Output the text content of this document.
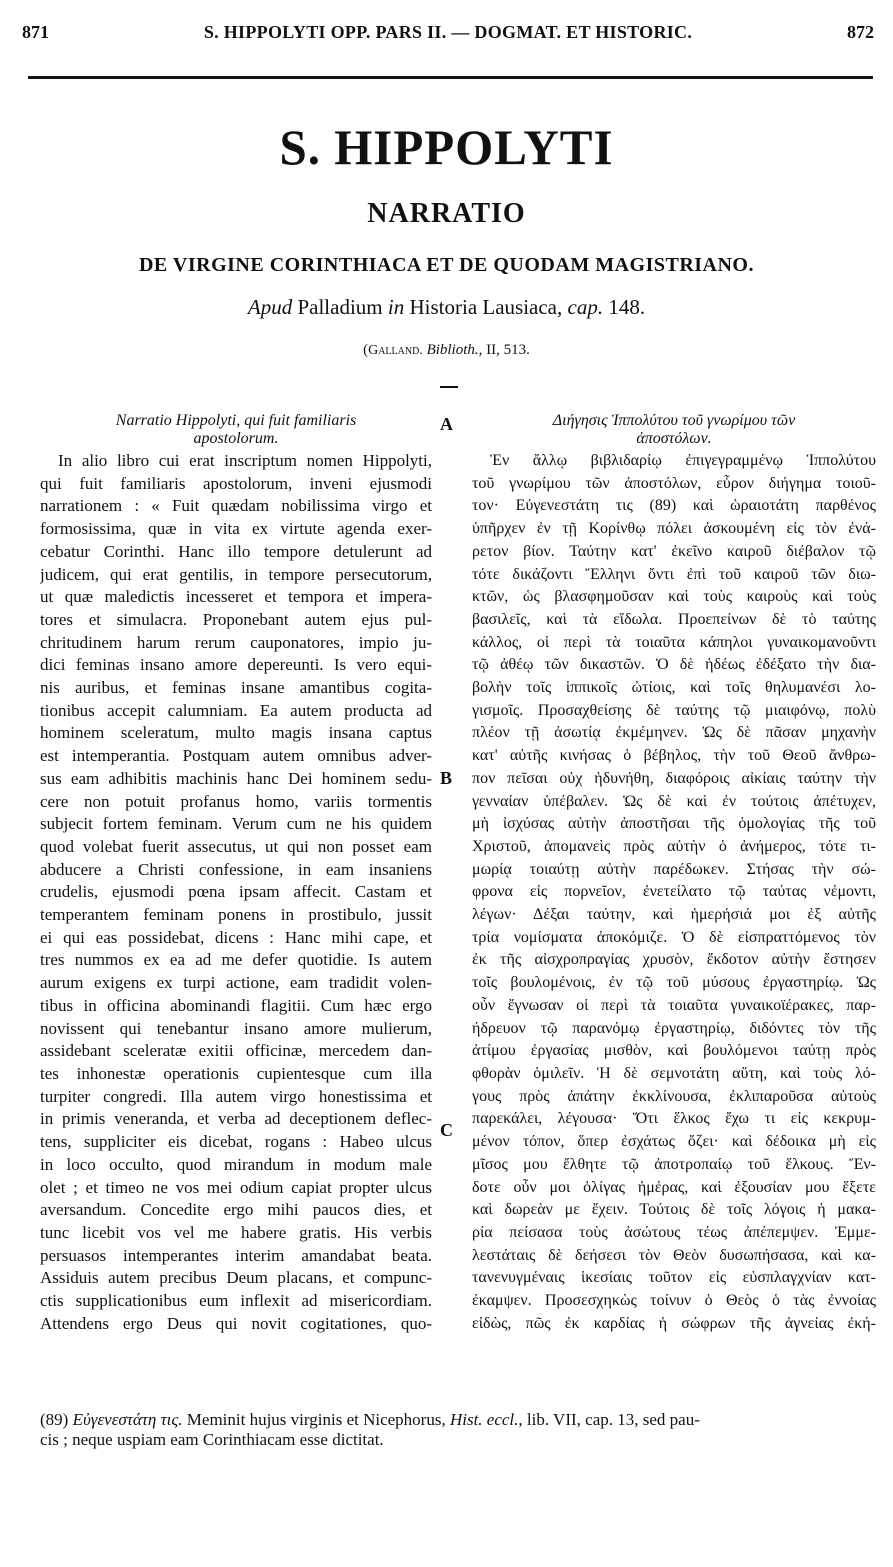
871	S. HIPPOLYTI OPP. PARS II. — DOGMAT. ET HISTORIC.	872
S. HIPPOLYTI
NARRATIO
DE VIRGINE CORINTHIACA ET DE QUODAM MAGISTRIANO.
Apud Palladium in Historia Lausiaca, cap. 148.
(Galland. Biblioth., II, 513.
Narratio Hippolyti, qui fuit familiaris
apostolorum.
In alio libro cui erat inscriptum nomen Hippolyti,
qui fuit familiaris apostolorum, inveni ejusmodi
narrationem : « Fuit quædam nobilissima virgo et
formosissima, quæ in vita ex virtute agenda exer-
cebatur Corinthi. Hanc illo tempore detulerunt ad
judicem, qui erat gentilis, in tempore persecutorum,
ut quæ maledictis incesseret et tempora et impera-
tores et simulacra. Proponebant autem ejus pul-
chritudinem harum rerum cauponatores, impio ju-
dici feminas insano amore depereunti. Is vero equi-
nis auribus, et feminas insane amantibus cogita-
tionibus accepit calumniam. Ea autem producta ad
hominem sceleratum, multo magis insana captus
est intemperantia. Postquam autem omnibus adver-
sus eam adhibitis machinis hanc Dei hominem sedu-
cere non potuit profanus homo, variis tormentis
subjecit fortem feminam. Verum cum ne his quidem
quod volebat fuerit assecutus, ut qui non posset eam
abducere a Christi confessione, in eam insaniens
crudelis, ejusmodi pœna ipsam affecit. Castam et
temperantem feminam ponens in prostibulo, jussit
ei qui eas possidebat, dicens : Hanc mihi cape, et
tres nummos ex ea ad me defer quotidie. Is autem
aurum exigens ex turpi actione, eam tradidit volen-
tibus in officina abominandi flagitii. Cum hæc ergo
novissent qui tenebantur insano amore mulierum,
assidebant sceleratæ exitii officinæ, mercedem dan-
tes inhonestæ operationis cupientesque cum illa
turpiter congredi. Illa autem virgo honestissima et
in primis veneranda, et verba ad deceptionem deflec-
tens, suppliciter eis dicebat, rogans : Habeo ulcus
in loco occulto, quod mirandum in modum male
olet ; et timeo ne vos mei odium capiat propter ulcus
aversandum. Concedite ergo mihi paucos dies, et
tunc licebit vos vel me habere gratis. His verbis
persuasos intemperantes interim amandabat beata.
Assiduis autem precibus Deum placans, et compunc-
ctis supplicationibus eum inflexit ad misericordiam.
Attendens ergo Deus qui novit cogitationes, quo-
A
B
C
Διήγησις Ἱππολύτου τοῦ γνωρίμου τῶν
ἀποστόλων.
Ἐν ἄλλῳ βιβλιδαρίῳ ἐπιγεγραμμένῳ Ἱππολύτου
τοῦ γνωρίμου τῶν ἀποστόλων, εὗρον διήγημα τοιοῦ-
τον· Εὐγενεστάτη τις (89) καὶ ὡραιοτάτη παρθένος
ὑπῆρχεν ἐν τῇ Κορίνθῳ πόλει ἀσκουμένη εἰς τὸν ἐνά-
ρετον βίον. Ταύτην κατ' ἐκεῖνο καιροῦ διέβαλον τῷ
τότε δικάζοντι Ἕλληνι ὄντι ἐπὶ τοῦ καιροῦ τῶν διω-
κτῶν, ὡς βλασφημοῦσαν καὶ τοὺς καιροὺς καὶ τοὺς
βασιλεῖς, καὶ τὰ εἴδωλα. Προεπείνων δὲ τὸ ταύτης
κάλλος, οἱ περὶ τὰ τοιαῦτα κάπηλοι γυναικομανοῦντι
τῷ ἀθέῳ τῶν δικαστῶν. Ὁ δὲ ἡδέως ἐδέξατο τὴν δια-
βολὴν τοῖς ἱππικοῖς ὠτίοις, καὶ τοῖς θηλυμανέσι λο-
γισμοῖς. Προσαχθείσης δὲ ταύτης τῷ μιαιφόνῳ, πολὺ
πλέον τῇ ἀσωτίᾳ ἐκμέμηνεν. Ὡς δὲ πᾶσαν μηχανὴν
κατ' αὐτῆς κινήσας ὁ βέβηλος, τὴν τοῦ Θεοῦ ἄνθρω-
πον πεῖσαι οὐχ ἠδυνήθη, διαφόροις αἰκίαις ταύτην τὴν
γενναίαν ὑπέβαλεν. Ὡς δὲ καὶ ἐν τούτοις ἀπέτυχεν,
μὴ ἰσχύσας αὐτὴν ἀποστῆσαι τῆς ὁμολογίας τῆς τοῦ
Χριστοῦ, ἀπομανεὶς πρὸς αὐτὴν ὁ ἀνήμερος, τότε τι-
μωρίᾳ τοιαύτῃ αὐτὴν παρέδωκεν. Στήσας τὴν σώ-
φρονα εἰς πορνεῖον, ἐνετείλατο τῷ ταύτας νέμοντι,
λέγων· Δέξαι ταύτην, καὶ ἡμερήσιά μοι ἐξ αὐτῆς
τρία νομίσματα ἀποκόμιζε. Ὁ δὲ εἰσπραττόμενος τὸν
ἐκ τῆς αἰσχροπραγίας χρυσὸν, ἔκδοτον αὐτὴν ἔστησεν
τοῖς βουλομένοις, ἐν τῷ τοῦ μύσους ἐργαστηρίῳ. Ὡς
οὖν ἔγνωσαν οἱ περὶ τὰ τοιαῦτα γυναικοϊέρακες, παρ-
ήδρευον τῷ παρανόμῳ ἐργαστηρίῳ, διδόντες τὸν τῆς
ἀτίμου ἐργασίας μισθὸν, καὶ βουλόμενοι ταύτῃ πρὸς
φθορὰν ὁμιλεῖν. Ἡ δὲ σεμνοτάτη αὕτη, καὶ τοὺς λό-
γους πρὸς ἀπάτην ἐκκλίνουσα, ἐκλιπαροῦσα αὐτοὺς
παρεκάλει, λέγουσα· Ὅτι ἕλκος ἔχω τι εἰς κεκρυμ-
μένον τόπον, ὅπερ ἐσχάτως ὄζει· καὶ δέδοικα μὴ εἰς
μῖσος μου ἔλθητε τῷ ἀποτροπαίῳ τοῦ ἕλκους. Ἔν-
δοτε οὖν μοι ὀλίγας ἡμέρας, καὶ ἐξουσίαν μου ἕξετε
καὶ δωρεὰν με ἔχειν. Τούτοις δὲ τοῖς λόγοις ἡ μακα-
ρία πείσασα τοὺς ἀσώτους τέως ἀπέπεμψεν. Ἐμμε-
λεστάταις δὲ δεήσεσι τὸν Θεὸν δυσωπήσασα, καὶ κα-
τανενυγμέναις ἱκεσίαις τοῦτον εἰς εὐσπλαγχνίαν κατ-
έκαμψεν. Προσεσχηκὼς τοίνυν ὁ Θεὸς ὁ τὰς ἐννοίας
εἰδὼς, πῶς ἐκ καρδίας ἡ σώφρων τῆς ἁγνείας ἐκή-
(89) Εὐγενεστάτη τις. Meminit hujus virginis et Nicephorus, Hist. eccl., lib. VII, cap. 13, sed pau-
cis ; neque uspiam eam Corinthiacam esse dictitat.
